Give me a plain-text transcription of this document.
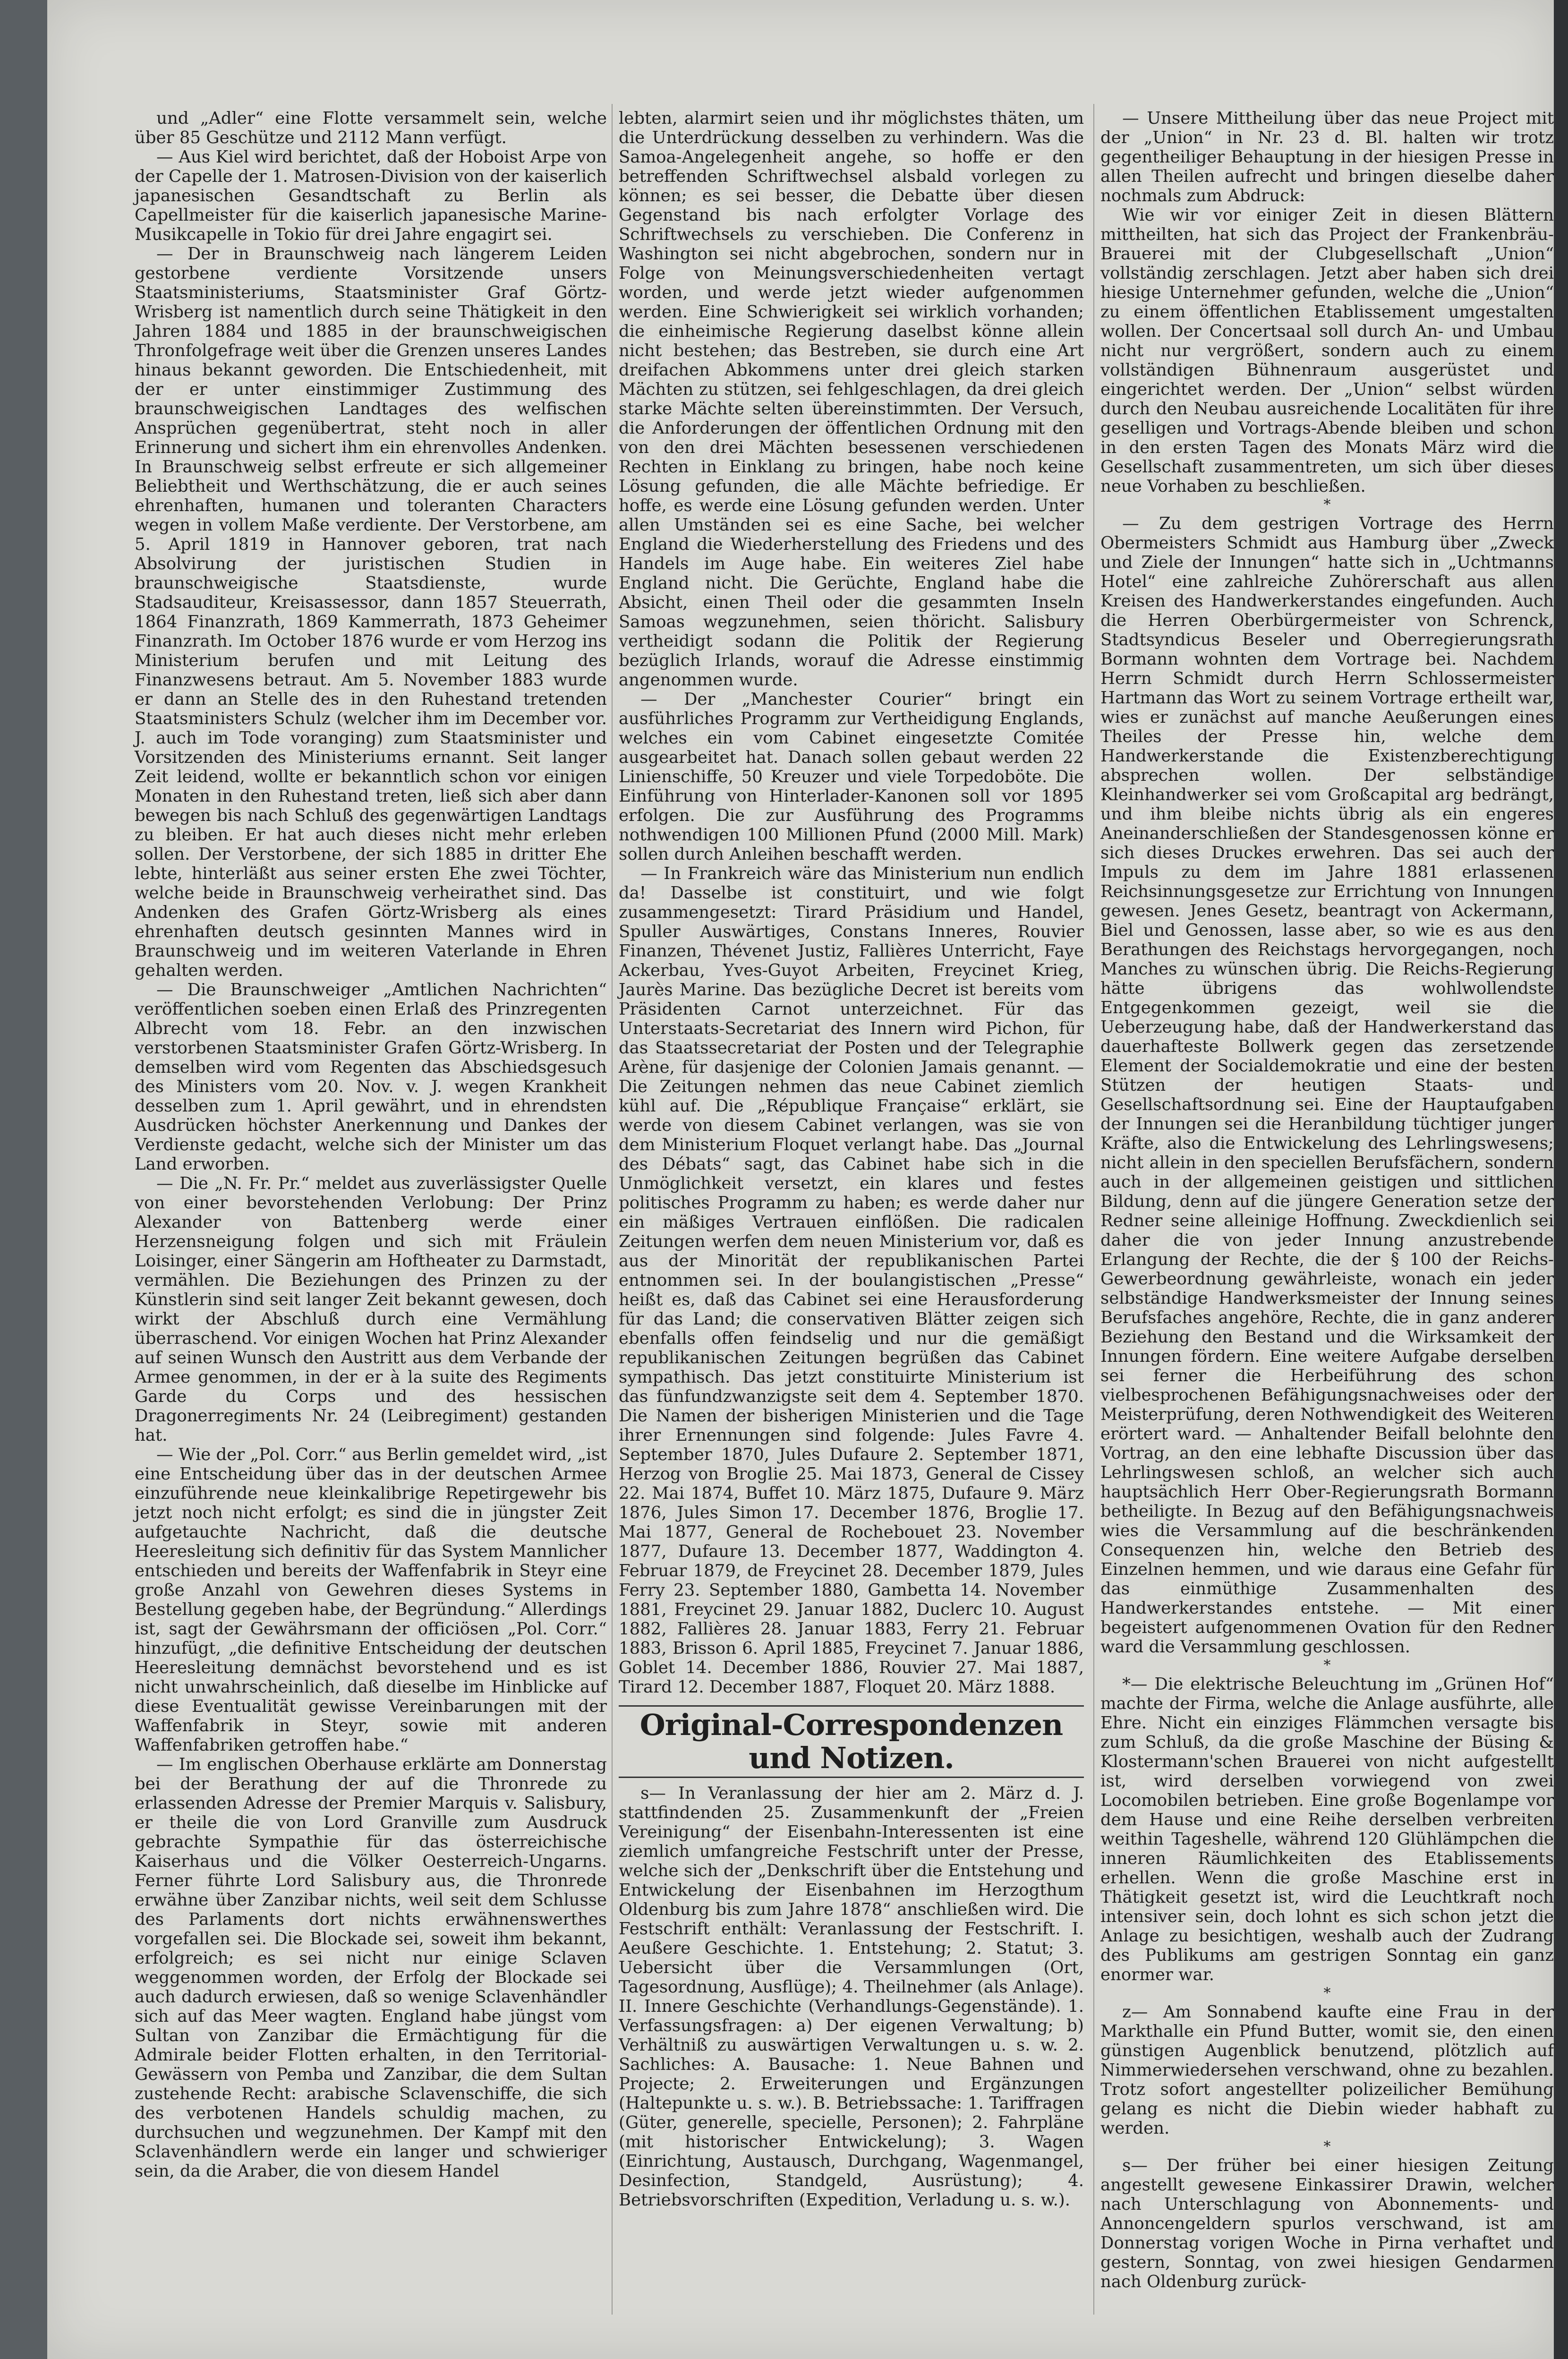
und „Adler“ eine Flotte versammelt sein, welche über 85 Geschütze und 2112 Mann verfügt.

— Aus Kiel wird berichtet, daß der Hoboist Arpe von der Capelle der 1. Matrosen-Division von der kaiserlich japanesischen Gesandtschaft zu Berlin als Capellmeister für die kaiserlich japanesische Marine-Musikcapelle in Tokio für drei Jahre engagirt sei.

— Der in Braunschweig nach längerem Leiden gestorbene verdiente Vorsitzende unsers Staatsministeriums, Staatsminister Graf Görtz-Wrisberg ist namentlich durch seine Thätigkeit in den Jahren 1884 und 1885 in der braunschweigischen Thronfolgefrage weit über die Grenzen unseres Landes hinaus bekannt geworden. Die Entschiedenheit, mit der er unter einstimmiger Zustimmung des braunschweigischen Landtages des welfischen Ansprüchen gegenübertrat, steht noch in aller Erinnerung und sichert ihm ein ehrenvolles Andenken. In Braunschweig selbst erfreute er sich allgemeiner Beliebtheit und Werthschätzung, die er auch seines ehrenhaften, humanen und toleranten Characters wegen in vollem Maße verdiente. Der Verstorbene, am 5. April 1819 in Hannover geboren, trat nach Absolvirung der juristischen Studien in braunschweigische Staatsdienste, wurde Stadsauditeur, Kreisassessor, dann 1857 Steuerrath, 1864 Finanzrath, 1869 Kammerrath, 1873 Geheimer Finanzrath. Im October 1876 wurde er vom Herzog ins Ministerium berufen und mit Leitung des Finanzwesens betraut. Am 5. November 1883 wurde er dann an Stelle des in den Ruhestand tretenden Staatsministers Schulz (welcher ihm im December vor. J. auch im Tode voranging) zum Staatsminister und Vorsitzenden des Ministeriums ernannt. Seit langer Zeit leidend, wollte er bekanntlich schon vor einigen Monaten in den Ruhestand treten, ließ sich aber dann bewegen bis nach Schluß des gegenwärtigen Landtags zu bleiben. Er hat auch dieses nicht mehr erleben sollen. Der Verstorbene, der sich 1885 in dritter Ehe lebte, hinterläßt aus seiner ersten Ehe zwei Töchter, welche beide in Braunschweig verheirathet sind. Das Andenken des Grafen Görtz-Wrisberg als eines ehrenhaften deutsch gesinnten Mannes wird in Braunschweig und im weiteren Vaterlande in Ehren gehalten werden.

— Die Braunschweiger „Amtlichen Nachrichten“ veröffentlichen soeben einen Erlaß des Prinzregenten Albrecht vom 18. Febr. an den inzwischen verstorbenen Staatsminister Grafen Görtz-Wrisberg. In demselben wird vom Regenten das Abschiedsgesuch des Ministers vom 20. Nov. v. J. wegen Krankheit desselben zum 1. April gewährt, und in ehrendsten Ausdrücken höchster Anerkennung und Dankes der Verdienste gedacht, welche sich der Minister um das Land erworben.

— Die „N. Fr. Pr.“ meldet aus zuverlässigster Quelle von einer bevorstehenden Verlobung: Der Prinz Alexander von Battenberg werde einer Herzensneigung folgen und sich mit Fräulein Loisinger, einer Sängerin am Hoftheater zu Darmstadt, vermählen. Die Beziehungen des Prinzen zu der Künstlerin sind seit langer Zeit bekannt gewesen, doch wirkt der Abschluß durch eine Vermählung überraschend. Vor einigen Wochen hat Prinz Alexander auf seinen Wunsch den Austritt aus dem Verbande der Armee genommen, in der er à la suite des Regiments Garde du Corps und des hessischen Dragonerregiments Nr. 24 (Leibregiment) gestanden hat.

— Wie der „Pol. Corr.“ aus Berlin gemeldet wird, „ist eine Entscheidung über das in der deutschen Armee einzuführende neue kleinkalibrige Repetirgewehr bis jetzt noch nicht erfolgt; es sind die in jüngster Zeit aufgetauchte Nachricht, daß die deutsche Heeresleitung sich definitiv für das System Mannlicher entschieden und bereits der Waffenfabrik in Steyr eine große Anzahl von Gewehren dieses Systems in Bestellung gegeben habe, der Begründung.“ Allerdings ist, sagt der Gewährsmann der officiösen „Pol. Corr.“ hinzufügt, „die definitive Entscheidung der deutschen Heeresleitung demnächst bevorstehend und es ist nicht unwahrscheinlich, daß dieselbe im Hinblicke auf diese Eventualität gewisse Vereinbarungen mit der Waffenfabrik in Steyr, sowie mit anderen Waffenfabriken getroffen habe.“

— Im englischen Oberhause erklärte am Donnerstag bei der Berathung der auf die Thronrede zu erlassenden Adresse der Premier Marquis v. Salisbury, er theile die von Lord Granville zum Ausdruck gebrachte Sympathie für das österreichische Kaiserhaus und die Völker Oesterreich-Ungarns. Ferner führte Lord Salisbury aus, die Thronrede erwähne über Zanzibar nichts, weil seit dem Schlusse des Parlaments dort nichts erwähnenswerthes vorgefallen sei. Die Blockade sei, soweit ihm bekannt, erfolgreich; es sei nicht nur einige Sclaven weggenommen worden, der Erfolg der Blockade sei auch dadurch erwiesen, daß so wenige Sclavenhändler sich auf das Meer wagten. England habe jüngst vom Sultan von Zanzibar die Ermächtigung für die Admirale beider Flotten erhalten, in den Territorial-Gewässern von Pemba und Zanzibar, die dem Sultan zustehende Recht: arabische Sclavenschiffe, die sich des verbotenen Handels schuldig machen, zu durchsuchen und wegzunehmen. Der Kampf mit den Sclavenhändlern werde ein langer und schwieriger sein, da die Araber, die von diesem Handel

lebten, alarmirt seien und ihr möglichstes thäten, um die Unterdrückung desselben zu verhindern. Was die Samoa-Angelegenheit angehe, so hoffe er den betreffenden Schriftwechsel alsbald vorlegen zu können; es sei besser, die Debatte über diesen Gegenstand bis nach erfolgter Vorlage des Schriftwechsels zu verschieben. Die Conferenz in Washington sei nicht abgebrochen, sondern nur in Folge von Meinungsverschiedenheiten vertagt worden, und werde jetzt wieder aufgenommen werden. Eine Schwierigkeit sei wirklich vorhanden; die einheimische Regierung daselbst könne allein nicht bestehen; das Bestreben, sie durch eine Art dreifachen Abkommens unter drei gleich starken Mächten zu stützen, sei fehlgeschlagen, da drei gleich starke Mächte selten übereinstimmten. Der Versuch, die Anforderungen der öffentlichen Ordnung mit den von den drei Mächten besessenen verschiedenen Rechten in Einklang zu bringen, habe noch keine Lösung gefunden, die alle Mächte befriedige. Er hoffe, es werde eine Lösung gefunden werden. Unter allen Umständen sei es eine Sache, bei welcher England die Wiederherstellung des Friedens und des Handels im Auge habe. Ein weiteres Ziel habe England nicht. Die Gerüchte, England habe die Absicht, einen Theil oder die gesammten Inseln Samoas wegzunehmen, seien thöricht. Salisbury vertheidigt sodann die Politik der Regierung bezüglich Irlands, worauf die Adresse einstimmig angenommen wurde.

— Der „Manchester Courier“ bringt ein ausführliches Programm zur Vertheidigung Englands, welches ein vom Cabinet eingesetzte Comitée ausgearbeitet hat. Danach sollen gebaut werden 22 Linienschiffe, 50 Kreuzer und viele Torpedoböte. Die Einführung von Hinterlader-Kanonen soll vor 1895 erfolgen. Die zur Ausführung des Programms nothwendigen 100 Millionen Pfund (2000 Mill. Mark) sollen durch Anleihen beschafft werden.

— In Frankreich wäre das Ministerium nun endlich da! Dasselbe ist constituirt, und wie folgt zusammengesetzt: Tirard Präsidium und Handel, Spuller Auswärtiges, Constans Inneres, Rouvier Finanzen, Thévenet Justiz, Fallières Unterricht, Faye Ackerbau, Yves-Guyot Arbeiten, Freycinet Krieg, Jaurès Marine. Das bezügliche Decret ist bereits vom Präsidenten Carnot unterzeichnet. Für das Unterstaats-Secretariat des Innern wird Pichon, für das Staatssecretariat der Posten und der Telegraphie Arène, für dasjenige der Colonien Jamais genannt. — Die Zeitungen nehmen das neue Cabinet ziemlich kühl auf. Die „République Française“ erklärt, sie werde von diesem Cabinet verlangen, was sie von dem Ministerium Floquet verlangt habe. Das „Journal des Débats“ sagt, das Cabinet habe sich in die Unmöglichkeit versetzt, ein klares und festes politisches Programm zu haben; es werde daher nur ein mäßiges Vertrauen einflößen. Die radicalen Zeitungen werfen dem neuen Ministerium vor, daß es aus der Minorität der republikanischen Partei entnommen sei. In der boulangistischen „Presse“ heißt es, daß das Cabinet sei eine Herausforderung für das Land; die conservativen Blätter zeigen sich ebenfalls offen feindselig und nur die gemäßigt republikanischen Zeitungen begrüßen das Cabinet sympathisch. Das jetzt constituirte Ministerium ist das fünfundzwanzigste seit dem 4. September 1870. Die Namen der bisherigen Ministerien und die Tage ihrer Ernennungen sind folgende: Jules Favre 4. September 1870, Jules Dufaure 2. September 1871, Herzog von Broglie 25. Mai 1873, General de Cissey 22. Mai 1874, Buffet 10. März 1875, Dufaure 9. März 1876, Jules Simon 17. December 1876, Broglie 17. Mai 1877, General de Rochebouet 23. November 1877, Dufaure 13. December 1877, Waddington 4. Februar 1879, de Freycinet 28. December 1879, Jules Ferry 23. September 1880, Gambetta 14. November 1881, Freycinet 29. Januar 1882, Duclerc 10. August 1882, Fallières 28. Januar 1883, Ferry 21. Februar 1883, Brisson 6. April 1885, Freycinet 7. Januar 1886, Goblet 14. December 1886, Rouvier 27. Mai 1887, Tirard 12. December 1887, Floquet 20. März 1888.

Original-Correspondenzen und Notizen.

s— In Veranlassung der hier am 2. März d. J. stattfindenden 25. Zusammenkunft der „Freien Vereinigung“ der Eisenbahn-Interessenten ist eine ziemlich umfangreiche Festschrift unter der Presse, welche sich der „Denkschrift über die Entstehung und Entwickelung der Eisenbahnen im Herzogthum Oldenburg bis zum Jahre 1878“ anschließen wird. Die Festschrift enthält: Veranlassung der Festschrift. I. Aeußere Geschichte. 1. Entstehung; 2. Statut; 3. Uebersicht über die Versammlungen (Ort, Tagesordnung, Ausflüge); 4. Theilnehmer (als Anlage). II. Innere Geschichte (Verhandlungs-Gegenstände). 1. Verfassungsfragen: a) Der eigenen Verwaltung; b) Verhältniß zu auswärtigen Verwaltungen u. s. w. 2. Sachliches: A. Bausache: 1. Neue Bahnen und Projecte; 2. Erweiterungen und Ergänzungen (Haltepunkte u. s. w.). B. Betriebssache: 1. Tariffragen (Güter, generelle, specielle, Personen); 2. Fahrpläne (mit historischer Entwickelung); 3. Wagen (Einrichtung, Austausch, Durchgang, Wagenmangel, Desinfection, Standgeld, Ausrüstung); 4. Betriebsvorschriften (Expedition, Verladung u. s. w.).

— Unsere Mittheilung über das neue Project mit der „Union“ in Nr. 23 d. Bl. halten wir trotz gegentheiliger Behauptung in der hiesigen Presse in allen Theilen aufrecht und bringen dieselbe daher nochmals zum Abdruck:

Wie wir vor einiger Zeit in diesen Blättern mittheilten, hat sich das Project der Frankenbräu-Brauerei mit der Clubgesellschaft „Union“ vollständig zerschlagen. Jetzt aber haben sich drei hiesige Unternehmer gefunden, welche die „Union“ zu einem öffentlichen Etablissement umgestalten wollen. Der Concertsaal soll durch An- und Umbau nicht nur vergrößert, sondern auch zu einem vollständigen Bühnenraum ausgerüstet und eingerichtet werden. Der „Union“ selbst würden durch den Neubau ausreichende Localitäten für ihre geselligen und Vortrags-Abende bleiben und schon in den ersten Tagen des Monats März wird die Gesellschaft zusammentreten, um sich über dieses neue Vorhaben zu beschließen.

*

— Zu dem gestrigen Vortrage des Herrn Obermeisters Schmidt aus Hamburg über „Zweck und Ziele der Innungen“ hatte sich in „Uchtmanns Hotel“ eine zahlreiche Zuhörerschaft aus allen Kreisen des Handwerkerstandes eingefunden. Auch die Herren Oberbürgermeister von Schrenck, Stadtsyndicus Beseler und Oberregierungsrath Bormann wohnten dem Vortrage bei. Nachdem Herrn Schmidt durch Herrn Schlossermeister Hartmann das Wort zu seinem Vortrage ertheilt war, wies er zunächst auf manche Aeußerungen eines Theiles der Presse hin, welche dem Handwerkerstande die Existenzberechtigung absprechen wollen. Der selbständige Kleinhandwerker sei vom Großcapital arg bedrängt, und ihm bleibe nichts übrig als ein engeres Aneinanderschließen der Standesgenossen könne er sich dieses Druckes erwehren. Das sei auch der Impuls zu dem im Jahre 1881 erlassenen Reichsinnungsgesetze zur Errichtung von Innungen gewesen. Jenes Gesetz, beantragt von Ackermann, Biel und Genossen, lasse aber, so wie es aus den Berathungen des Reichstags hervorgegangen, noch Manches zu wünschen übrig. Die Reichs-Regierung hätte übrigens das wohlwollendste Entgegenkommen gezeigt, weil sie die Ueberzeugung habe, daß der Handwerkerstand das dauerhafteste Bollwerk gegen das zersetzende Element der Socialdemokratie und eine der besten Stützen der heutigen Staats- und Gesellschaftsordnung sei. Eine der Hauptaufgaben der Innungen sei die Heranbildung tüchtiger junger Kräfte, also die Entwickelung des Lehrlingswesens; nicht allein in den speciellen Berufsfächern, sondern auch in der allgemeinen geistigen und sittlichen Bildung, denn auf die jüngere Generation setze der Redner seine alleinige Hoffnung. Zweckdienlich sei daher die von jeder Innung anzustrebende Erlangung der Rechte, die der § 100 der Reichs-Gewerbeordnung gewährleiste, wonach ein jeder selbständige Handwerksmeister der Innung seines Berufsfaches angehöre, Rechte, die in ganz anderer Beziehung den Bestand und die Wirksamkeit der Innungen fördern. Eine weitere Aufgabe derselben sei ferner die Herbeiführung des schon vielbesprochenen Befähigungsnachweises oder der Meisterprüfung, deren Nothwendigkeit des Weiteren erörtert ward. — Anhaltender Beifall belohnte den Vortrag, an den eine lebhafte Discussion über das Lehrlingswesen schloß, an welcher sich auch hauptsächlich Herr Ober-Regierungsrath Bormann betheiligte. In Bezug auf den Befähigungsnachweis wies die Versammlung auf die beschränkenden Consequenzen hin, welche den Betrieb des Einzelnen hemmen, und wie daraus eine Gefahr für das einmüthige Zusammenhalten des Handwerkerstandes entstehe. — Mit einer begeistert aufgenommenen Ovation für den Redner ward die Versammlung geschlossen.

*

*— Die elektrische Beleuchtung im „Grünen Hof“ machte der Firma, welche die Anlage ausführte, alle Ehre. Nicht ein einziges Flämmchen versagte bis zum Schluß, da die große Maschine der Büsing & Klostermann'schen Brauerei von nicht aufgestellt ist, wird derselben vorwiegend von zwei Locomobilen betrieben. Eine große Bogenlampe vor dem Hause und eine Reihe derselben verbreiten weithin Tageshelle, während 120 Glühlämpchen die inneren Räumlichkeiten des Etablissements erhellen. Wenn die große Maschine erst in Thätigkeit gesetzt ist, wird die Leuchtkraft noch intensiver sein, doch lohnt es sich schon jetzt die Anlage zu besichtigen, weshalb auch der Zudrang des Publikums am gestrigen Sonntag ein ganz enormer war.

*

z— Am Sonnabend kaufte eine Frau in der Markthalle ein Pfund Butter, womit sie, den einen günstigen Augenblick benutzend, plötzlich auf Nimmerwiedersehen verschwand, ohne zu bezahlen. Trotz sofort angestellter polizeilicher Bemühung gelang es nicht die Diebin wieder habhaft zu werden.

*

s— Der früher bei einer hiesigen Zeitung angestellt gewesene Einkassirer Drawin, welcher nach Unterschlagung von Abonnements- und Annoncengeldern spurlos verschwand, ist am Donnerstag vorigen Woche in Pirna verhaftet und gestern, Sonntag, von zwei hiesigen Gendarmen nach Oldenburg zurück-
